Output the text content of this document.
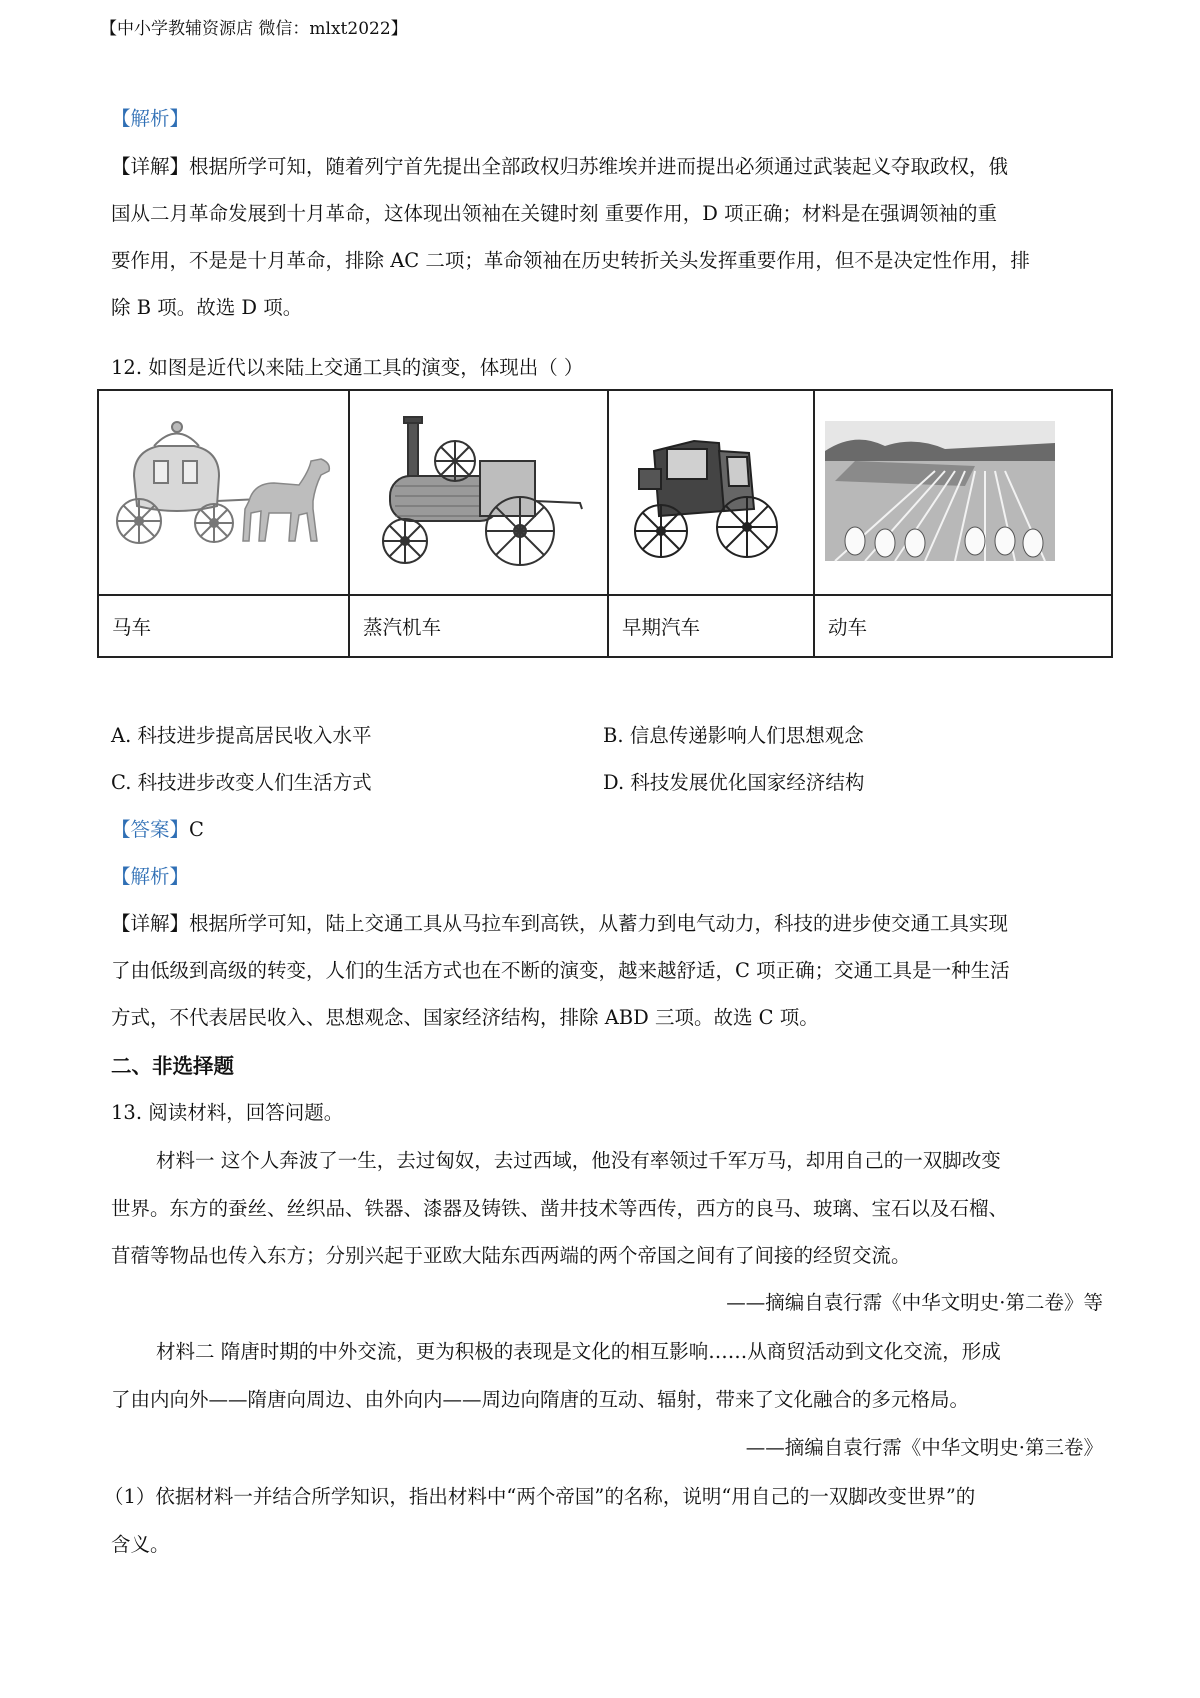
【中小学教辅资源店 微信：mlxt2022】
【解析】
【详解】根据所学可知，随着列宁首先提出全部政权归苏维埃并进而提出必须通过武装起义夺取政权，俄
国从二月革命发展到十月革命，这体现出领袖在关键时刻 重要作用，D 项正确；材料是在强调领袖的重
要作用，不是是十月革命，排除 AC 二项；革命领袖在历史转折关头发挥重要作用，但不是决定性作用，排
除 B 项。故选 D 项。
12. 如图是近代以来陆上交通工具的演变，体现出（ ）

马车	蒸汽机车	早期汽车	动车
A. 科技进步提高居民收入水平	B. 信息传递影响人们思想观念
C. 科技进步改变人们生活方式	D. 科技发展优化国家经济结构
【答案】C
【解析】
【详解】根据所学可知，陆上交通工具从马拉车到高铁，从蓄力到电气动力，科技的进步使交通工具实现
了由低级到高级的转变，人们的生活方式也在不断的演变，越来越舒适，C 项正确；交通工具是一种生活
方式，不代表居民收入、思想观念、国家经济结构，排除 ABD 三项。故选 C 项。
二、非选择题
13. 阅读材料，回答问题。
材料一 这个人奔波了一生，去过匈奴，去过西域，他没有率领过千军万马，却用自己的一双脚改变
世界。东方的蚕丝、丝织品、铁器、漆器及铸铁、凿井技术等西传，西方的良马、玻璃、宝石以及石榴、
苜蓿等物品也传入东方；分别兴起于亚欧大陆东西两端的两个帝国之间有了间接的经贸交流。
——摘编自袁行霈《中华文明史·第二卷》等
材料二 隋唐时期的中外交流，更为积极的表现是文化的相互影响……从商贸活动到文化交流，形成
了由内向外——隋唐向周边、由外向内——周边向隋唐的互动、辐射，带来了文化融合的多元格局。
——摘编自袁行霈《中华文明史·第三卷》
（1）依据材料一并结合所学知识，指出材料中“两个帝国”的名称，说明“用自己的一双脚改变世界”的
含义。
